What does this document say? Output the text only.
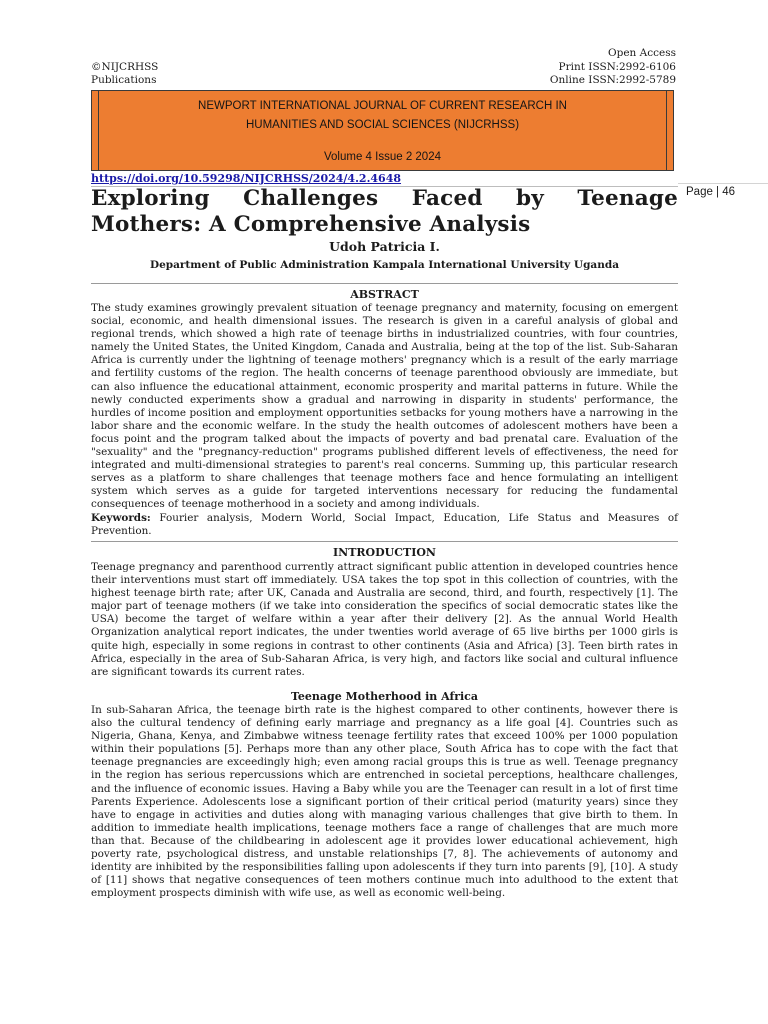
©NIJCRHSS
Publications
Open Access
Print ISSN:2992-6106
Online ISSN:2992-5789
NEWPORT INTERNATIONAL JOURNAL OF CURRENT RESEARCH IN
HUMANITIES AND SOCIAL SCIENCES (NIJCRHSS)
Volume 4 Issue 2 2024
https://doi.org/10.59298/NIJCRHSS/2024/4.2.4648
Page | 46
Exploring Challenges Faced by Teenage Mothers: A Comprehensive Analysis
Udoh Patricia I.
Department of Public Administration Kampala International University Uganda
ABSTRACT

The study examines growingly prevalent situation of teenage pregnancy and maternity, focusing on emergent social, economic, and health dimensional issues. The research is given in a careful analysis of global and regional trends, which showed a high rate of teenage births in industrialized countries, with four countries, namely the United States, the United Kingdom, Canada and Australia, being at the top of the list. Sub-Saharan Africa is currently under the lightning of teenage mothers' pregnancy which is a result of the early marriage and fertility customs of the region. The health concerns of teenage parenthood obviously are immediate, but can also influence the educational attainment, economic prosperity and marital patterns in future. While the newly conducted experiments show a gradual and narrowing in disparity in students' performance, the hurdles of income position and employment opportunities setbacks for young mothers have a narrowing in the labor share and the economic welfare. In the study the health outcomes of adolescent mothers have been a focus point and the program talked about the impacts of poverty and bad prenatal care. Evaluation of the "sexuality" and the "pregnancy-reduction" programs published different levels of effectiveness, the need for integrated and multi-dimensional strategies to parent's real concerns. Summing up, this particular research serves as a platform to share challenges that teenage mothers face and hence formulating an intelligent system which serves as a guide for targeted interventions necessary for reducing the fundamental consequences of teenage motherhood in a society and among individuals.

Keywords: Fourier analysis, Modern World, Social Impact, Education, Life Status and Measures of Prevention.

INTRODUCTION

Teenage pregnancy and parenthood currently attract significant public attention in developed countries hence their interventions must start off immediately. USA takes the top spot in this collection of countries, with the highest teenage birth rate; after UK, Canada and Australia are second, third, and fourth, respectively [1]. The major part of teenage mothers (if we take into consideration the specifics of social democratic states like the USA) become the target of welfare within a year after their delivery [2]. As the annual World Health Organization analytical report indicates, the under twenties world average of 65 live births per 1000 girls is quite high, especially in some regions in contrast to other continents (Asia and Africa) [3]. Teen birth rates in Africa, especially in the area of Sub-Saharan Africa, is very high, and factors like social and cultural influence are significant towards its current rates.

Teenage Motherhood in Africa

In sub-Saharan Africa, the teenage birth rate is the highest compared to other continents, however there is also the cultural tendency of defining early marriage and pregnancy as a life goal [4]. Countries such as Nigeria, Ghana, Kenya, and Zimbabwe witness teenage fertility rates that exceed 100% per 1000 population within their populations [5]. Perhaps more than any other place, South Africa has to cope with the fact that teenage pregnancies are exceedingly high; even among racial groups this is true as well. Teenage pregnancy in the region has serious repercussions which are entrenched in societal perceptions, healthcare challenges, and the influence of economic issues. Having a Baby while you are the Teenager can result in a lot of first time Parents Experience. Adolescents lose a significant portion of their critical period (maturity years) since they have to engage in activities and duties along with managing various challenges that give birth to them. In addition to immediate health implications, teenage mothers face a range of challenges that are much more than that. Because of the childbearing in adolescent age it provides lower educational achievement, high poverty rate, psychological distress, and unstable relationships [7, 8]. The achievements of autonomy and identity are inhibited by the responsibilities falling upon adolescents if they turn into parents [9], [10]. A study of [11] shows that negative consequences of teen mothers continue much into adulthood to the extent that employment prospects diminish with wife use, as well as economic well-being.
